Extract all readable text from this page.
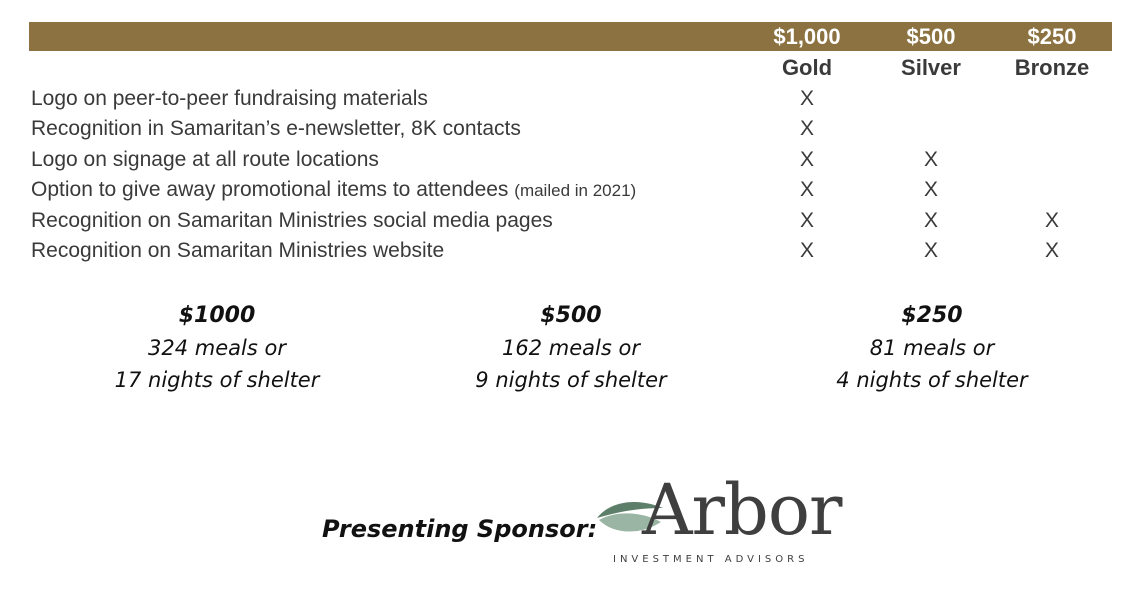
$1,000	$500	$250
Gold	Silver	Bronze
Logo on peer-to-peer fundraising materials	X
Recognition in Samaritan’s e-newsletter, 8K contacts	X
Logo on signage at all route locations	X	X
Option to give away promotional items to attendees (mailed in 2021)	X	X
Recognition on Samaritan Ministries social media pages	X	X	X
Recognition on Samaritan Ministries website	X	X	X
$1000
324 meals or
17 nights of shelter
$500
162 meals or
9 nights of shelter
$250
81 meals or
4 nights of shelter
Presenting Sponsor: Arbor
INVESTMENT ADVISORS
